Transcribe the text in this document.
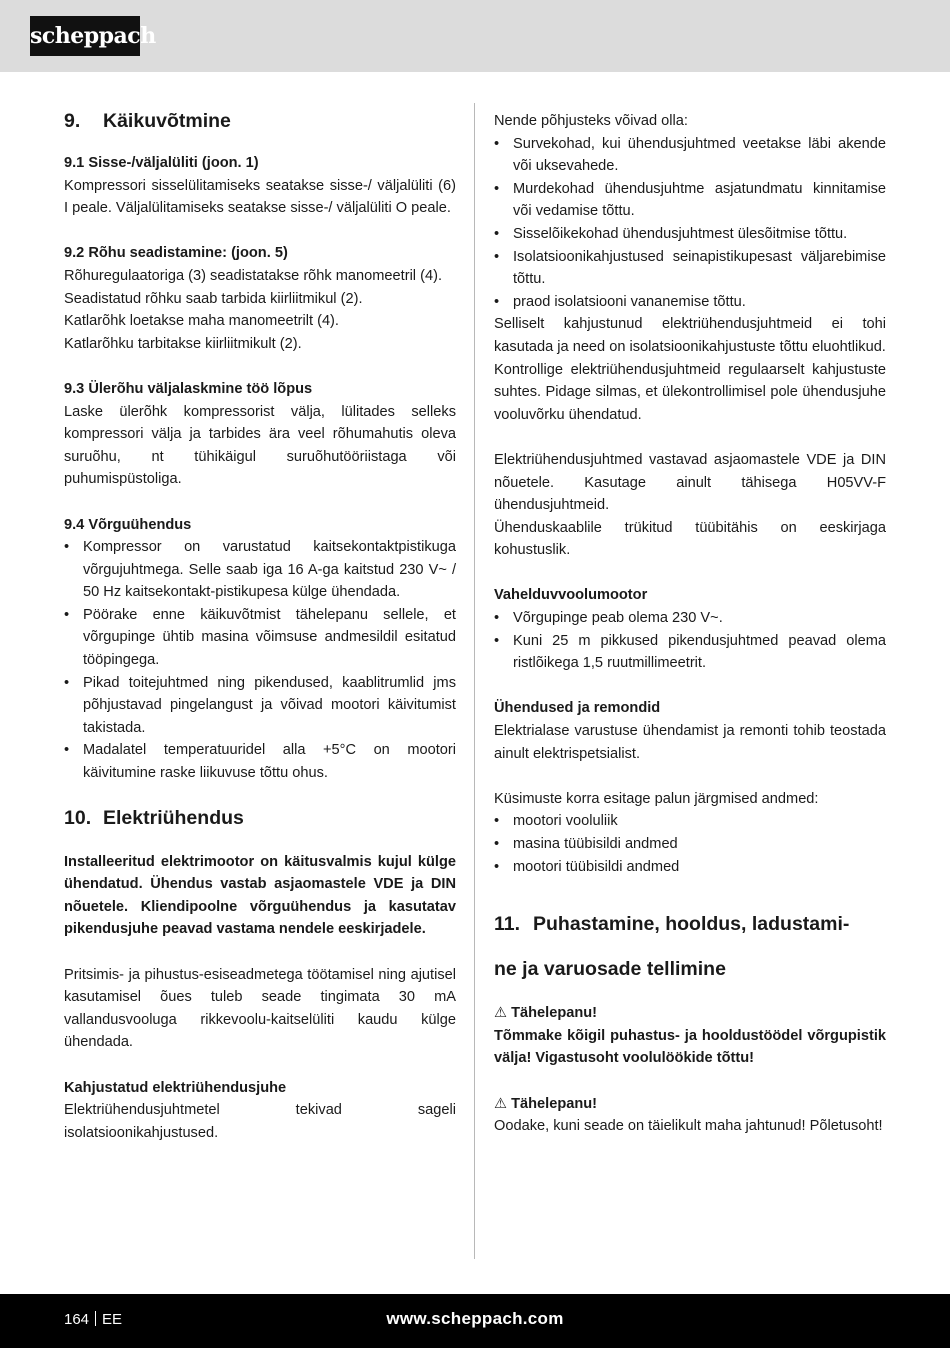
scheppach
9. Käikuvõtmine
9.1 Sisse-/väljalüliti (joon. 1)
Kompressori sisselülitamiseks seatakse sisse-/ väljalüliti (6) I peale. Väljalülitamiseks seatakse sisse-/ väljalüliti O peale.
9.2 Rõhu seadistamine: (joon. 5)
Rõhuregulaatoriga (3) seadistatakse rõhk manomeetril (4).
Seadistatud rõhku saab tarbida kiirliitmikul (2).
Katlarõhk loetakse maha manomeetrilt (4).
Katlarõhku tarbitakse kiirliitmikult (2).
9.3 Ülerõhu väljalaskmine töö lõpus
Laske ülerõhk kompressorist välja, lülitades selleks kompressori välja ja tarbides ära veel rõhumahutis oleva suruõhu, nt tühikäigul suruõhutööriistaga või puhumispüstoliga.
9.4 Võrguühendus
• Kompressor on varustatud kaitsekontaktpistikuga võrgujuhtmega. Selle saab iga 16 A-ga kaitstud 230 V~ / 50 Hz kaitsekontakt-pistikupesa külge ühendada.
• Pöörake enne käikuvõtmist tähelepanu sellele, et võrgupinge ühtib masina võimsuse andmesildil esitatud tööpingega.
• Pikad toitejuhtmed ning pikendused, kaablitrumlid jms põhjustavad pingelangust ja võivad mootori käivitumist takistada.
• Madalatel temperatuuridel alla +5°C on mootori käivitumine raske liikuvuse tõttu ohus.
10. Elektriühendus
Installeeritud elektrimootor on käitusvalmis kujul külge ühendatud. Ühendus vastab asjaomastele VDE ja DIN nõuetele. Kliendipoolne võrguühendus ja kasutatav pikendusjuhe peavad vastama nendele eeskirjadele.
Pritsimis- ja pihustus-esiseadmetega töötamisel ning ajutisel kasutamisel õues tuleb seade tingimata 30 mA vallandusvooluga rikkevoolu-kaitselüliti kaudu külge ühendada.
Kahjustatud elektriühendusjuhe
Elektriühendusjuhtmetel tekivad sageli isolatsioonikahjustused.
Nende põhjusteks võivad olla:
• Survekohad, kui ühendusjuhtmed veetakse läbi akende või uksevahede.
• Murdekohad ühendusjuhtme asjatundmatu kinnitamise või vedamise tõttu.
• Sisselõikekohad ühendusjuhtmest ülesõitmise tõttu.
• Isolatsioonikahjustused seinapistikupesast väljarebimise tõttu.
• praod isolatsiooni vananemise tõttu.
Selliselt kahjustunud elektriühendusjuhtmeid ei tohi kasutada ja need on isolatsioonikahjustuste tõttu eluohtlikud.
Kontrollige elektriühendusjuhtmeid regulaarselt kahjustuste suhtes. Pidage silmas, et ülekontrollimisel pole ühendusjuhe vooluvõrku ühendatud.
Elektriühendusjuhtmed vastavad asjaomastele VDE ja DIN nõuetele. Kasutage ainult tähisega H05VV-F ühendusjuhtmeid.
Ühenduskaablile trükitud tüübitähis on eeskirjaga kohustuslik.
Vahelduvvoolumootor
• Võrgupinge peab olema 230 V~.
• Kuni 25 m pikkused pikendusjuhtmed peavad olema ristlõikega 1,5 ruutmillimeetrit.
Ühendused ja remondid
Elektrialase varustuse ühendamist ja remonti tohib teostada ainult elektrispetsialist.
Küsimuste korra esitage palun järgmised andmed:
• mootori vooluliik
• masina tüübisildi andmed
• mootori tüübisildi andmed
11. Puhastamine, hooldus, ladustami-
ne ja varuosade tellimine
⚠ Tähelepanu!
Tõmmake kõigil puhastus- ja hooldustöödel võrgupistik välja! Vigastusoht voolulöökide tõttu!
⚠ Tähelepanu!
Oodake, kuni seade on täielikult maha jahtunud! Põletusoht!
164 EE	www.scheppach.com
